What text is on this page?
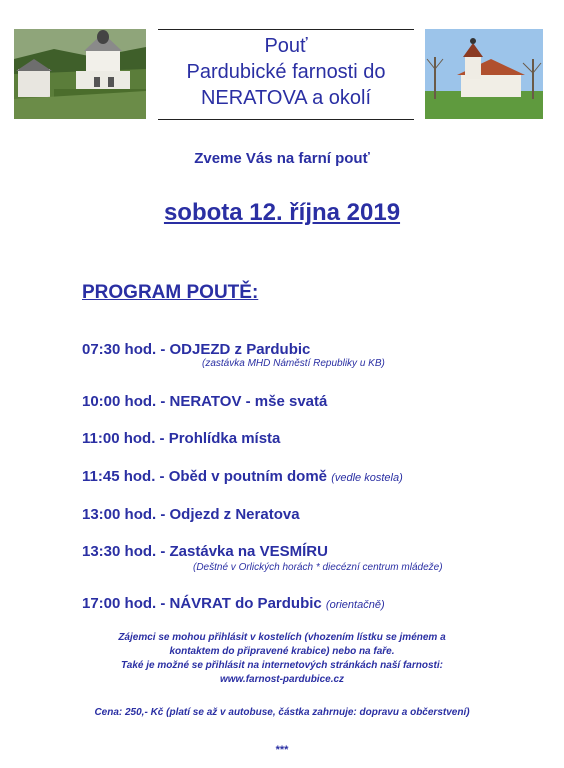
Pouť
Pardubické farnosti do
NERATOVA a okolí
Zveme Vás na farní pouť
sobota 12. října 2019
PROGRAM POUTĚ:
07:30 hod. - ODJEZD z Pardubic
(zastávka MHD Náměstí Republiky u KB)
10:00 hod. - NERATOV - mše svatá
11:00 hod. - Prohlídka místa
11:45 hod. - Oběd v poutním domě (vedle kostela)
13:00 hod. - Odjezd z Neratova
13:30 hod. - Zastávka na VESMÍRU
(Deštné v Orlických horách * diecézní centrum mládeže)
17:00 hod. - NÁVRAT do Pardubic (orientačně)
Zájemci se mohou přihlásit v kostelích (vhozením lístku se jménem a
kontaktem do připravené krabice) nebo na faře.
Také je možné se přihlásit na internetových stránkách naší farnosti:
www.farnost-pardubice.cz
Cena: 250,- Kč (platí se až v autobuse, částka zahrnuje: dopravu a občerstvení)
***
